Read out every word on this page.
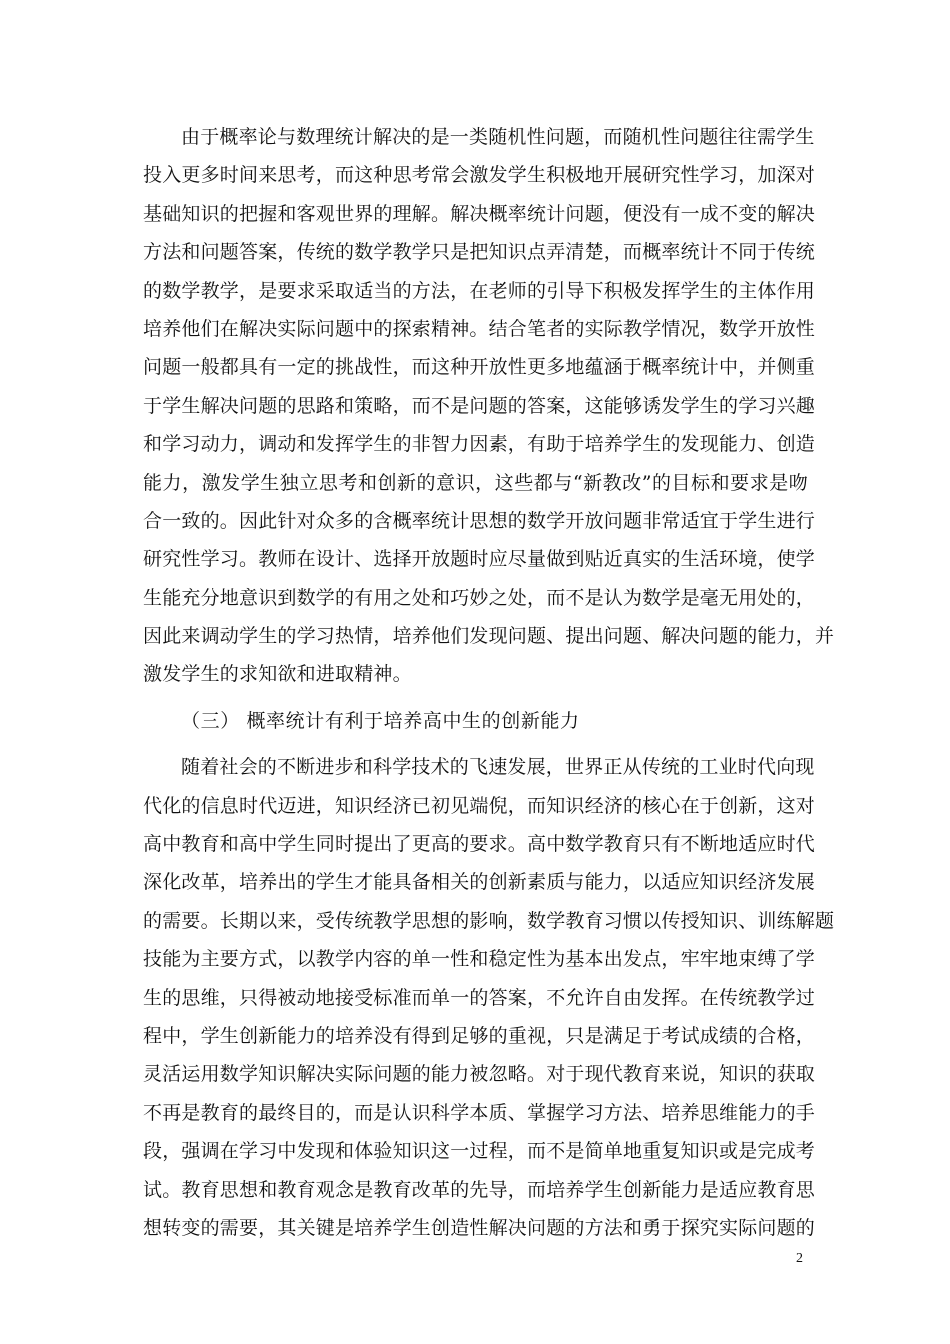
由于概率论与数理统计解决的是一类随机性问题，而随机性问题往往需学生
投入更多时间来思考，而这种思考常会激发学生积极地开展研究性学习，加深对
基础知识的把握和客观世界的理解。解决概率统计问题，便没有一成不变的解决
方法和问题答案，传统的数学教学只是把知识点弄清楚，而概率统计不同于传统
的数学教学，是要求采取适当的方法，在老师的引导下积极发挥学生的主体作用
培养他们在解决实际问题中的探索精神。结合笔者的实际教学情况，数学开放性
问题一般都具有一定的挑战性，而这种开放性更多地蕴涵于概率统计中，并侧重
于学生解决问题的思路和策略，而不是问题的答案，这能够诱发学生的学习兴趣
和学习动力，调动和发挥学生的非智力因素，有助于培养学生的发现能力、创造
能力，激发学生独立思考和创新的意识，这些都与“新教改”的目标和要求是吻
合一致的。因此针对众多的含概率统计思想的数学开放问题非常适宜于学生进行
研究性学习。教师在设计、选择开放题时应尽量做到贴近真实的生活环境，使学
生能充分地意识到数学的有用之处和巧妙之处，而不是认为数学是毫无用处的，
因此来调动学生的学习热情，培养他们发现问题、提出问题、解决问题的能力，并
激发学生的求知欲和进取精神。
（三） 概率统计有利于培养高中生的创新能力
随着社会的不断进步和科学技术的飞速发展，世界正从传统的工业时代向现
代化的信息时代迈进，知识经济已初见端倪，而知识经济的核心在于创新，这对
高中教育和高中学生同时提出了更高的要求。高中数学教育只有不断地适应时代
深化改革，培养出的学生才能具备相关的创新素质与能力，以适应知识经济发展
的需要。长期以来，受传统教学思想的影响，数学教育习惯以传授知识、训练解题
技能为主要方式，以教学内容的单一性和稳定性为基本出发点，牢牢地束缚了学
生的思维，只得被动地接受标准而单一的答案，不允许自由发挥。在传统教学过
程中，学生创新能力的培养没有得到足够的重视，只是满足于考试成绩的合格，
灵活运用数学知识解决实际问题的能力被忽略。对于现代教育来说，知识的获取
不再是教育的最终目的，而是认识科学本质、掌握学习方法、培养思维能力的手
段，强调在学习中发现和体验知识这一过程，而不是简单地重复知识或是完成考
试。教育思想和教育观念是教育改革的先导，而培养学生创新能力是适应教育思
想转变的需要，其关键是培养学生创造性解决问题的方法和勇于探究实际问题的
2
